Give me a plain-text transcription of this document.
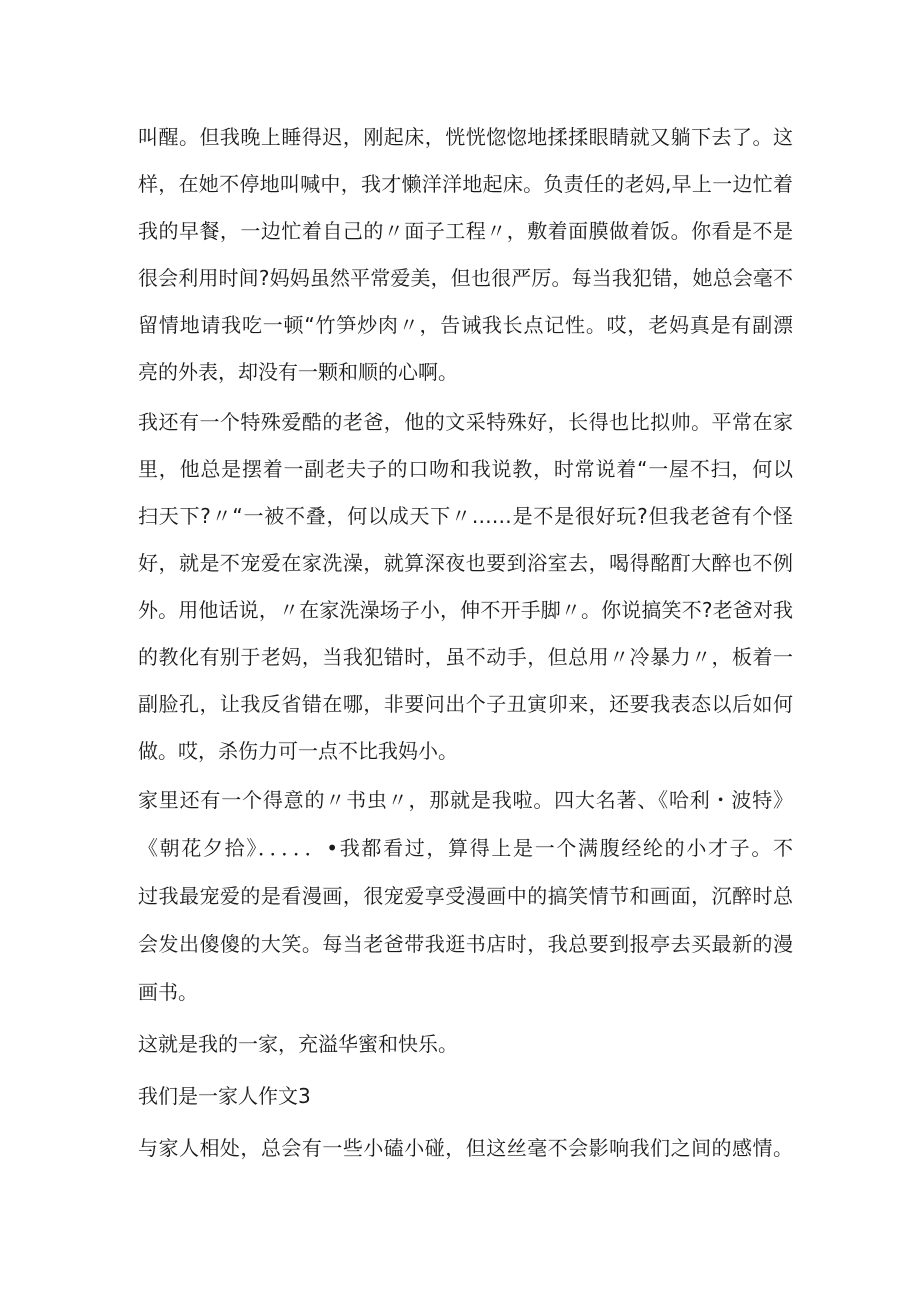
叫醒。但我晚上睡得迟，刚起床，恍恍惚惚地揉揉眼睛就又躺下去了。这

样，在她不停地叫喊中，我才懒洋洋地起床。负责任的老妈,早上一边忙着

我的早餐，一边忙着自己的〃面子工程〃，敷着面膜做着饭。你看是不是

很会利用时间?妈妈虽然平常爱美，但也很严厉。每当我犯错，她总会毫不

留情地请我吃一顿“竹笋炒肉〃，告诫我长点记性。哎，老妈真是有副漂

亮的外表，却没有一颗和顺的心啊。

我还有一个特殊爱酷的老爸，他的文采特殊好，长得也比拟帅。平常在家

里，他总是摆着一副老夫子的口吻和我说教，时常说着“一屋不扫，何以

扫天下?〃“一被不叠，何以成天下〃……是不是很好玩?但我老爸有个怪

好，就是不宠爱在家洗澡，就算深夜也要到浴室去，喝得酩酊大醉也不例

外。用他话说，〃在家洗澡场子小，伸不开手脚〃。你说搞笑不?老爸对我

的教化有别于老妈，当我犯错时，虽不动手，但总用〃冷暴力〃，板着一

副脸孔，让我反省错在哪，非要问出个子丑寅卯来，还要我表态以后如何

做。哎，杀伤力可一点不比我妈小。

家里还有一个得意的〃书虫〃，那就是我啦。四大名著、《哈利・波特》

《朝花夕拾》．．．．．•我都看过，算得上是一个满腹经纶的小才子。不

过我最宠爱的是看漫画，很宠爱享受漫画中的搞笑情节和画面，沉醉时总

会发出傻傻的大笑。每当老爸带我逛书店时，我总要到报亭去买最新的漫

画书。

这就是我的一家，充溢华蜜和快乐。

我们是一家人作文3

与家人相处，总会有一些小磕小碰，但这丝毫不会影响我们之间的感情。
